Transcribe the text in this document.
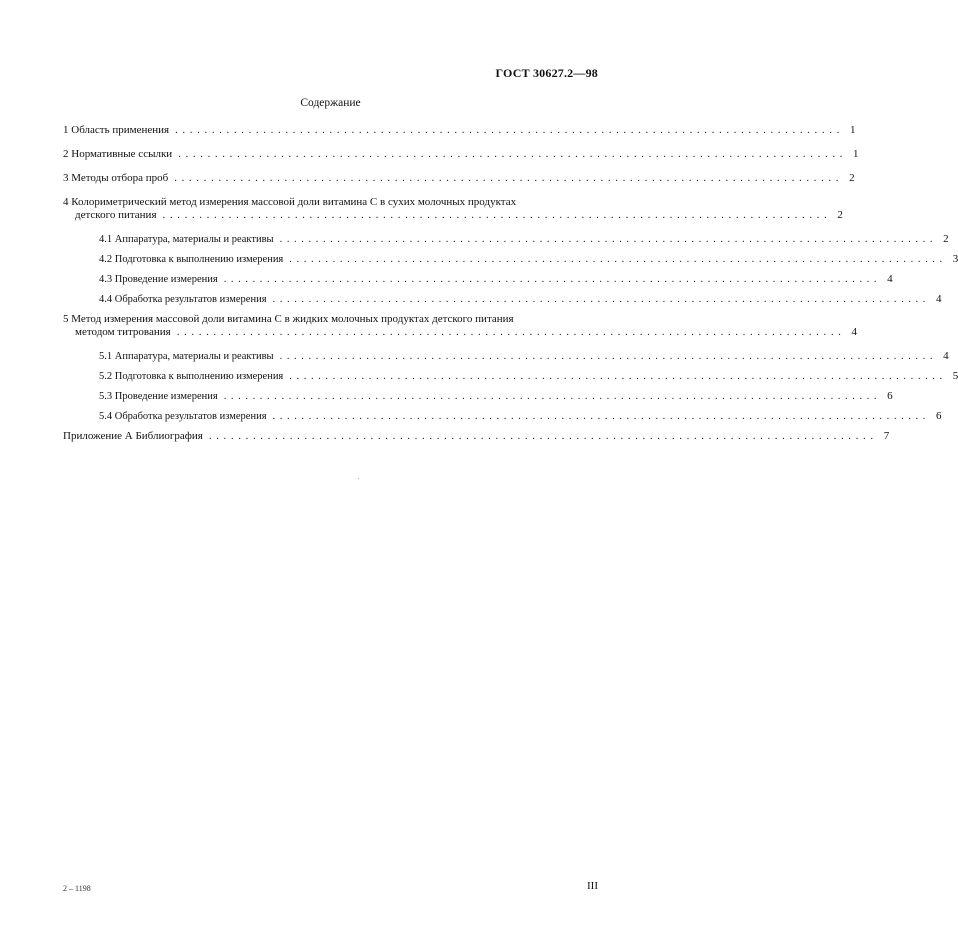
ГОСТ 30627.2—98
Содержание
1 Область применения ........................................................................................... 1
2 Нормативные ссылки ........................................................................................... 1
3 Методы отбора проб ........................................................................................... 2
4 Колориметрический метод измерения массовой доли витамина С в сухих молочных продуктах
детского питания ........................................................................................... 2
4.1 Аппаратура, материалы и реактивы ........................................................................................... 2
4.2 Подготовка к выполнению измерения ........................................................................................... 3
4.3 Проведение измерения ........................................................................................... 4
4.4 Обработка результатов измерения ........................................................................................... 4
5 Метод измерения массовой доли витамина С в жидких молочных продуктах детского питания
методом титрования ........................................................................................... 4
5.1 Аппаратура, материалы и реактивы ........................................................................................... 4
5.2 Подготовка к выполнению измерения ........................................................................................... 5
5.3 Проведение измерения ........................................................................................... 6
5.4 Обработка результатов измерения ........................................................................................... 6
Приложение А Библиография ........................................................................................... 7
2 – 1198	III
